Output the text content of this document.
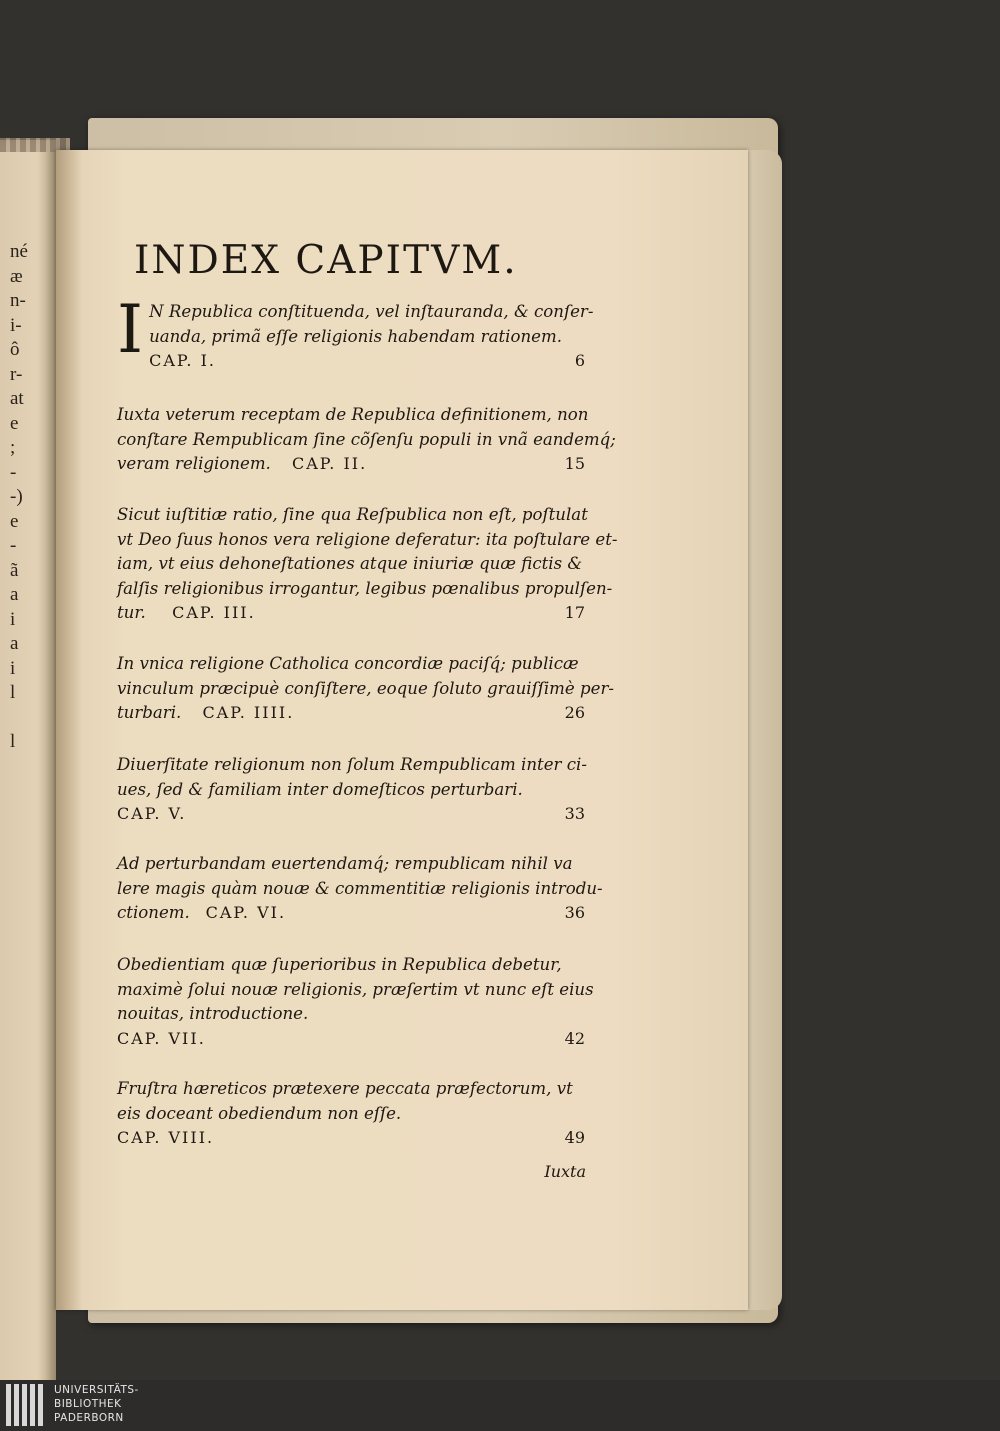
né
æ
n-
i-
ô
r-
at
e
;
-
-)
e
-
ã
a
i
a
i
l
l
INDEX CAPITVM.
I N Republica conſtituenda, vel inſtauranda, & conſer-
uanda, primã eſſe religionis habendam rationem.
CAP. I.	6
Iuxta veterum receptam de Republica definitionem, non
conſtare Rempublicam ſine cõſenſu populi in vnã eandemq́;
veram religionem. CAP. II.	15
Sicut iuſtitiæ ratio, ſine qua Reſpublica non eſt, poſtulat
vt Deo ſuus honos vera religione deferatur: ita poſtulare et-
iam, vt eius dehoneſtationes atque iniuriæ quæ fictis &
falſis religionibus irrogantur, legibus pœnalibus propulſen-
tur. CAP. III.	17
In vnica religione Catholica concordiæ paciſq́; publicæ
vinculum præcipuè conſiſtere, eoque ſoluto grauiſſimè per-
turbari. CAP. IIII.	26
Diuerſitate religionum non ſolum Rempublicam inter ci-
ues, ſed & familiam inter domeſticos perturbari.
CAP. V.	33
Ad perturbandam euertendamq́; rempublicam nihil va
lere magis quàm nouæ & commentitiæ religionis introdu-
ctionem. CAP. VI.	36
Obedientiam quæ ſuperioribus in Republica debetur,
maximè ſolui nouæ religionis, præſertim vt nunc eſt eius
nouitas, introductione.
CAP. VII.	42
Fruſtra hæreticos prætexere peccata præfectorum, vt
eis doceant obediendum non eſſe.
CAP. VIII.	49
Iuxta
UNIVERSITÄTS-
BIBLIOTHEK
PADERBORN
